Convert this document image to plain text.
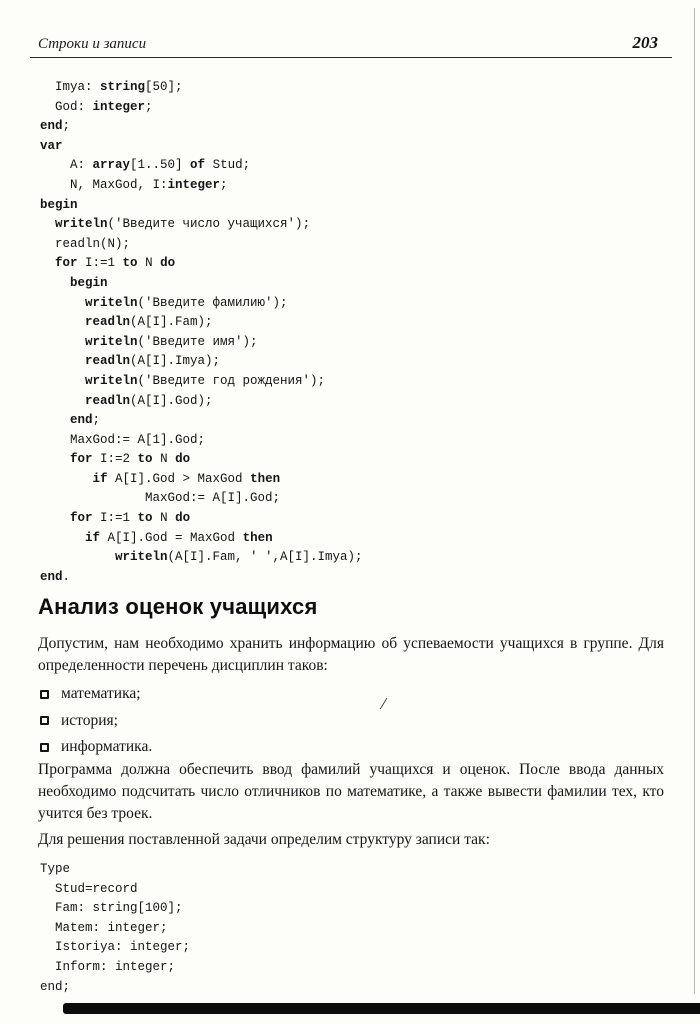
Строки и записи	203
Imya: string[50];
God: integer;
end;
var
A: array[1..50] of Stud;
N, MaxGod, I:integer;
begin
writeln('Введите число учащихся');
readln(N);
for I:=1 to N do
begin
writeln('Введите фамилию');
readln(A[I].Fam);
writeln('Введите имя');
readln(A[I].Imya);
writeln('Введите год рождения');
readln(A[I].God);
end;
MaxGod:= A[1].God;
for I:=2 to N do
if A[I].God > MaxGod then
MaxGod:= A[I].God;
for I:=1 to N do
if A[I].God = MaxGod then
writeln(A[I].Fam, ' ',A[I].Imya);
end.
Анализ оценок учащихся

Допустим, нам необходимо хранить информацию об успеваемости учащихся в группе. Для определенности перечень дисциплин таков:

математика;
история;
информатика.

Программа должна обеспечить ввод фамилий учащихся и оценок. После ввода данных необходимо подсчитать число отличников по математике, а также вывести фамилии тех, кто учится без троек.

Для решения поставленной задачи определим структуру записи так:

Type
Stud=record
Fam: string[100];
Matem: integer;
Istoriya: integer;
Inform: integer;
end;
/
